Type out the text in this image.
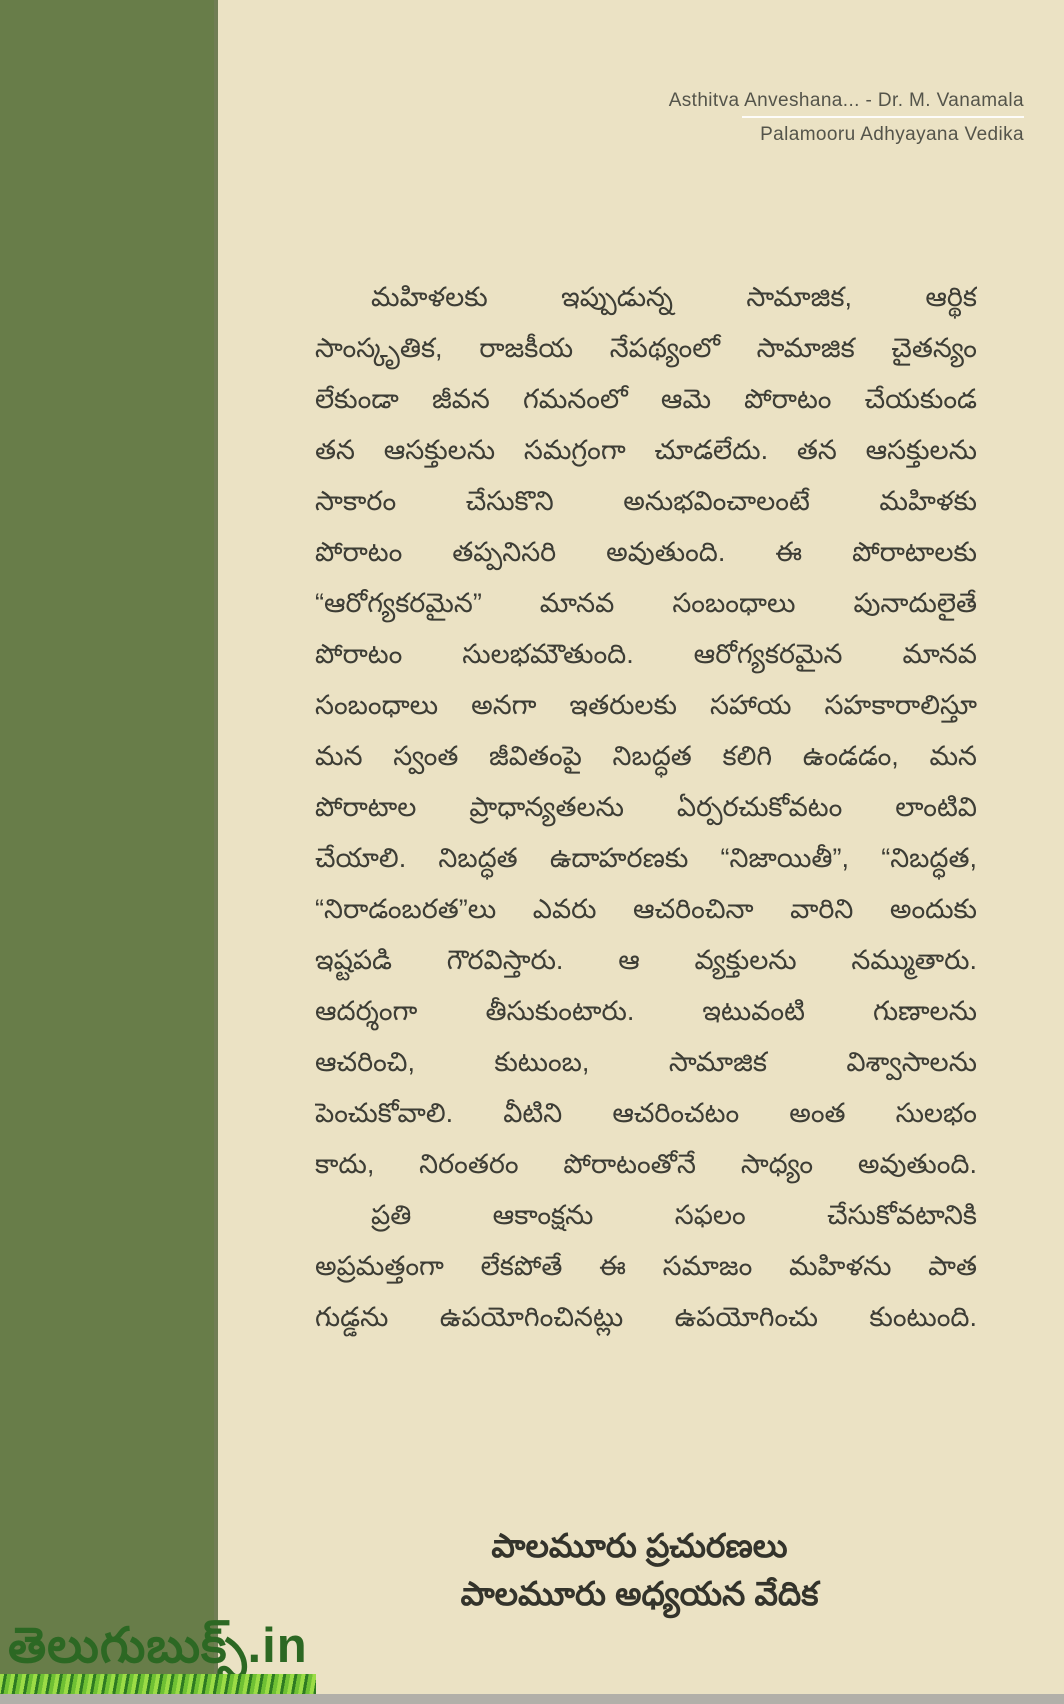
Asthitva Anveshana... - Dr. M. Vanamala
Palamooru Adhyayana Vedika
మహిళలకు ఇప్పుడున్న సామాజిక, ఆర్థిక
సాంస్కృతిక, రాజకీయ నేపథ్యంలో సామాజిక చైతన్యం
లేకుండా జీవన గమనంలో ఆమె పోరాటం చేయకుండ
తన ఆసక్తులను సమగ్రంగా చూడలేదు. తన ఆసక్తులను
సాకారం చేసుకొని అనుభవించాలంటే మహిళకు
పోరాటం తప్పనిసరి అవుతుంది. ఈ పోరాటాలకు
“ఆరోగ్యకరమైన” మానవ సంబంధాలు పునాదులైతే
పోరాటం సులభమౌతుంది. ఆరోగ్యకరమైన మానవ
సంబంధాలు అనగా ఇతరులకు సహాయ సహకారాలిస్తూ
మన స్వంత జీవితంపై నిబద్ధత కలిగి ఉండడం, మన
పోరాటాల ప్రాధాన్యతలను ఏర్పరచుకోవటం లాంటివి
చేయాలి. నిబద్ధత ఉదాహరణకు “నిజాయితీ”, “నిబద్ధత,
“నిరాడంబరత”లు ఎవరు ఆచరించినా వారిని అందుకు
ఇష్టపడి గౌరవిస్తారు. ఆ వ్యక్తులను నమ్ముతారు.
ఆదర్శంగా తీసుకుంటారు. ఇటువంటి గుణాలను
ఆచరించి, కుటుంబ, సామాజిక విశ్వాసాలను
పెంచుకోవాలి. వీటిని ఆచరించటం అంత సులభం
కాదు, నిరంతరం పోరాటంతోనే సాధ్యం అవుతుంది.
ప్రతి ఆకాంక్షను సఫలం చేసుకోవటానికి
అప్రమత్తంగా లేకపోతే ఈ సమాజం మహిళను పాత
గుడ్డను ఉపయోగించినట్లు ఉపయోగించు కుంటుంది.
పాలమూరు ప్రచురణలు
పాలమూరు అధ్యయన వేదిక
తెలుగుబుక్స్.in
